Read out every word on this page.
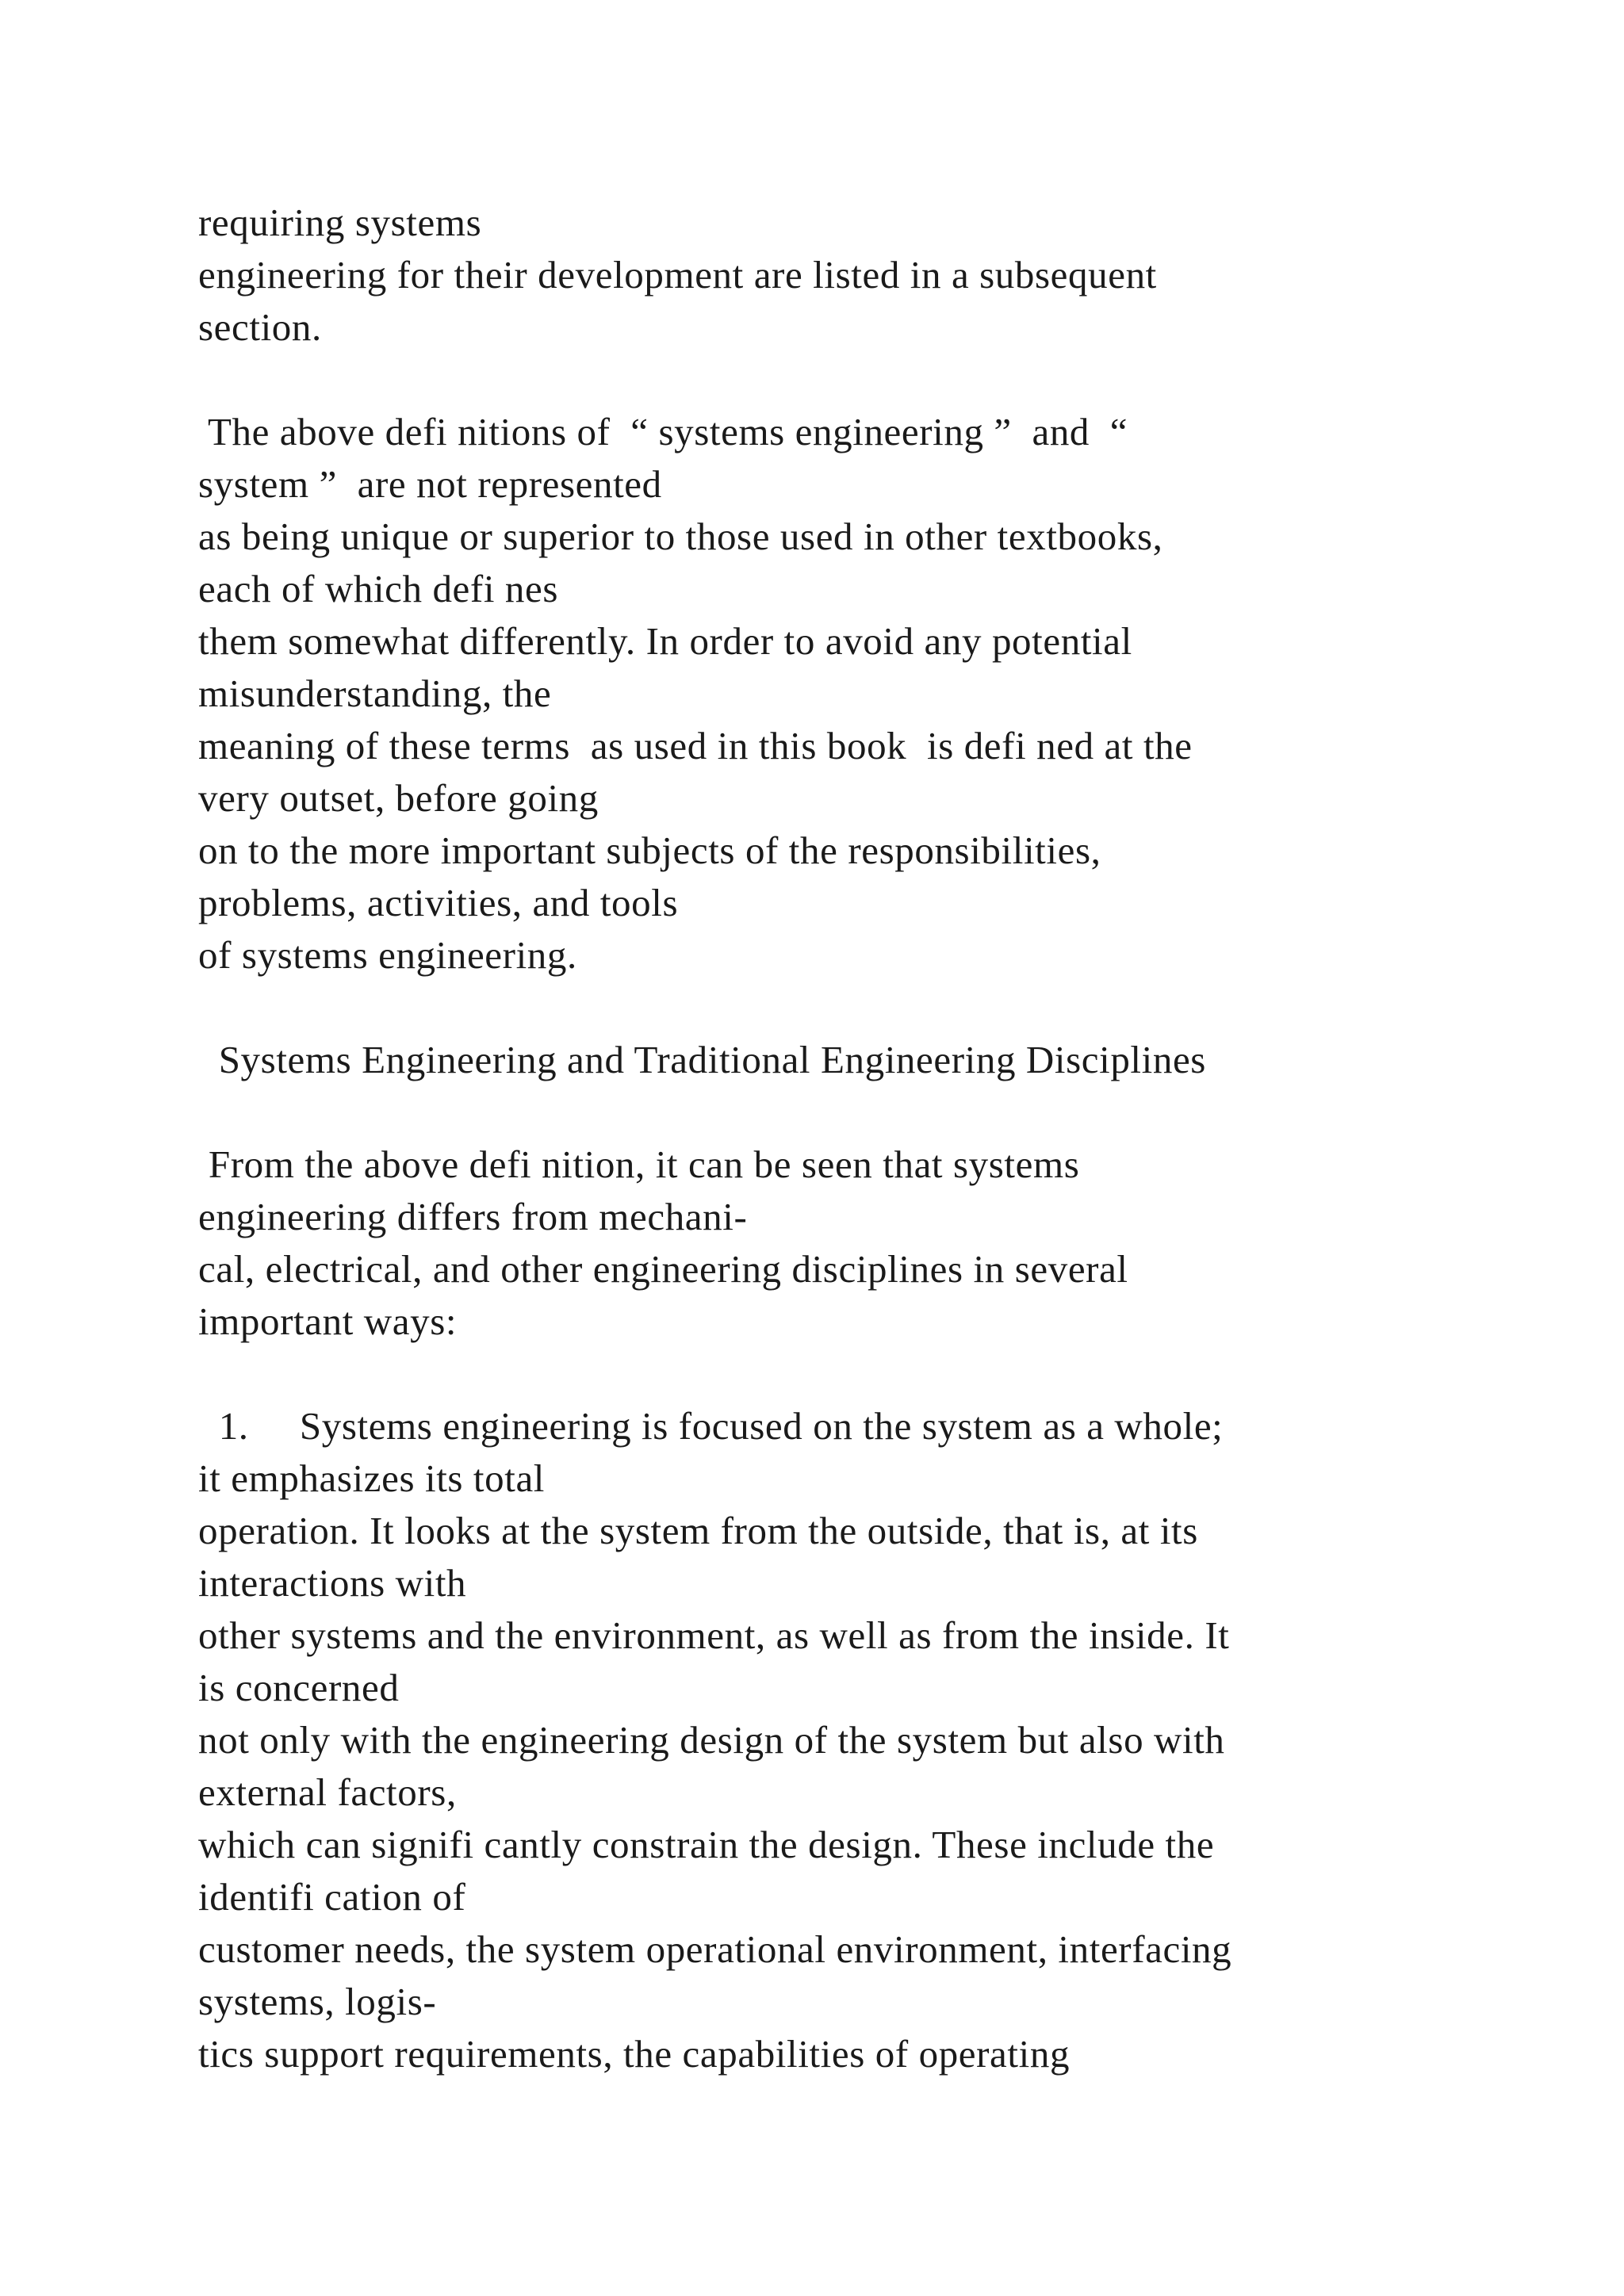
requiring systems
engineering for their development are listed in a subsequent
section.
The above defi nitions of  “ systems engineering ”  and  “
system ”  are not represented
as being unique or superior to those used in other textbooks,
each of which defi nes
them somewhat differently. In order to avoid any potential
misunderstanding, the
meaning of these terms  as used in this book  is defi ned at the
very outset, before going
on to the more important subjects of the responsibilities,
problems, activities, and tools
of systems engineering.
Systems Engineering and Traditional Engineering Disciplines
From the above defi nition, it can be seen that systems
engineering differs from mechani-
cal, electrical, and other engineering disciplines in several
important ways:
1.     Systems engineering is focused on the system as a whole;
it emphasizes its total
operation. It looks at the system from the outside, that is, at its
interactions with
other systems and the environment, as well as from the inside. It
is concerned
not only with the engineering design of the system but also with
external factors,
which can signifi cantly constrain the design. These include the
identifi cation of
customer needs, the system operational environment, interfacing
systems, logis-
tics support requirements, the capabilities of operating
